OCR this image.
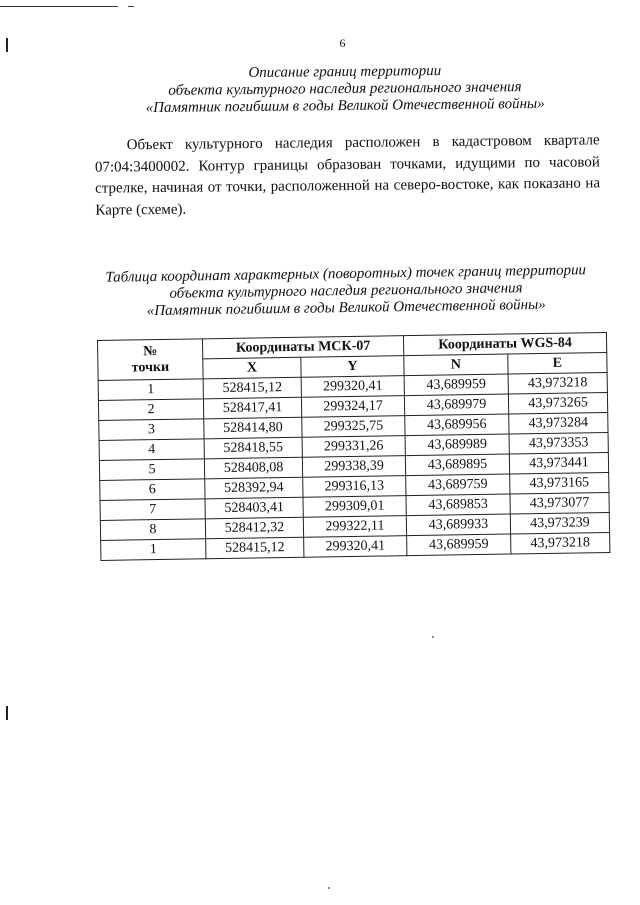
6
Описание границ территории
объекта культурного наследия регионального значения
«Памятник погибшим в годы Великой Отечественной войны»
Объект культурного наследия расположен в кадастровом квартале 07:04:3400002. Контур границы образован точками, идущими по часовой стрелке, начиная от точки, расположенной на северо-востоке, как показано на Карте (схеме).
Таблица координат характерных (поворотных) точек границ территории
объекта культурного наследия регионального значения
«Памятник погибшим в годы Великой Отечественной войны»
№
точки	Координаты МСК-07		Координаты WGS-84	
	X	Y	N	E
1	528415,12	299320,41	43,689959	43,973218
2	528417,41	299324,17	43,689979	43,973265
3	528414,80	299325,75	43,689956	43,973284
4	528418,55	299331,26	43,689989	43,973353
5	528408,08	299338,39	43,689895	43,973441
6	528392,94	299316,13	43,689759	43,973165
7	528403,41	299309,01	43,689853	43,973077
8	528412,32	299322,11	43,689933	43,973239
1	528415,12	299320,41	43,689959	43,973218
